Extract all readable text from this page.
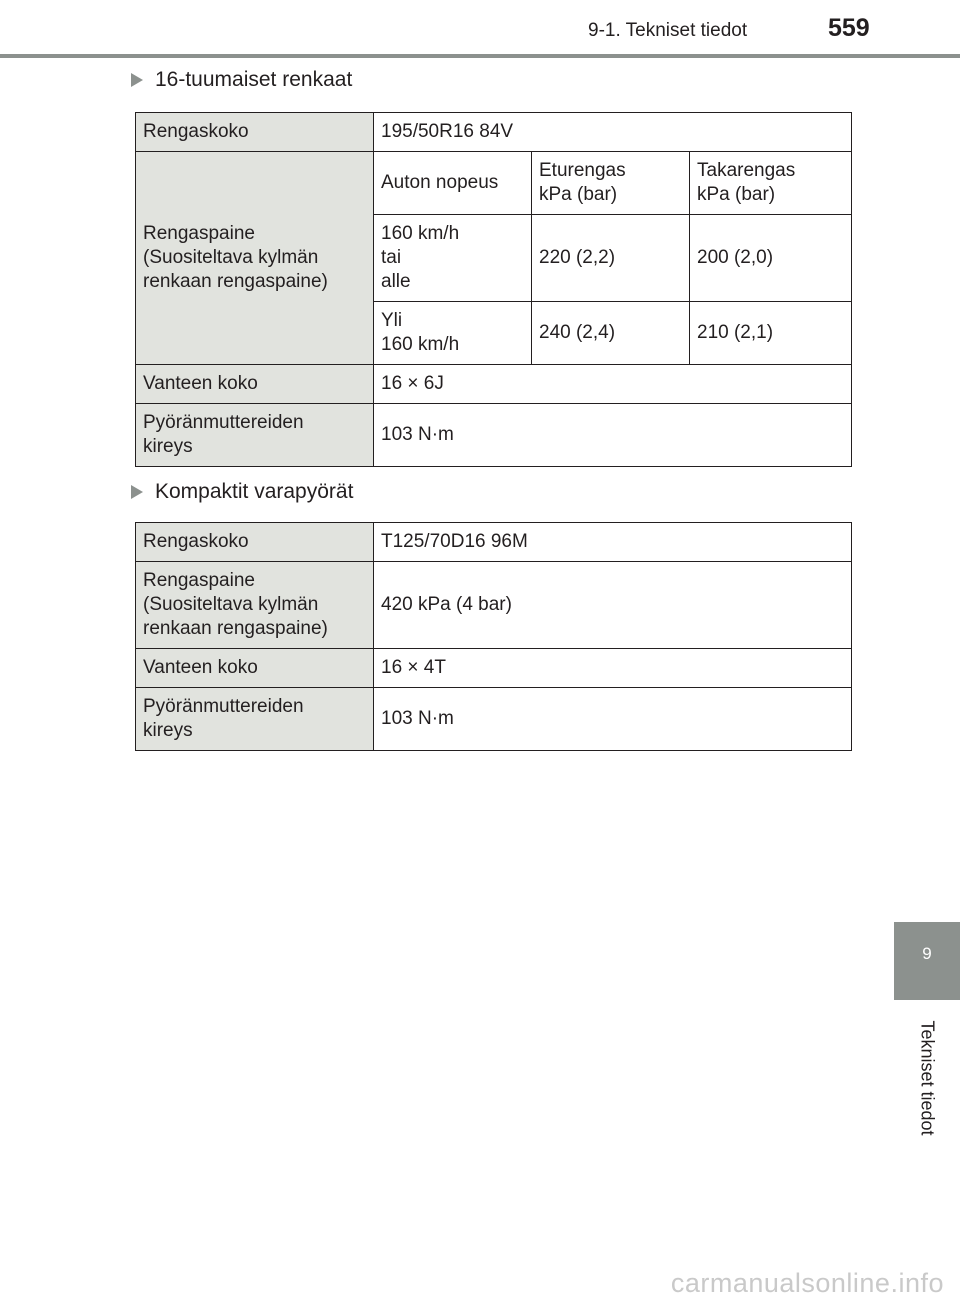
9-1. Tekniset tiedot	559
16-tuumaiset renkaat
Rengaskoko	195/50R16 84V		
Rengaspaine
(Suositeltava kylmän
renkaan rengaspaine)	Auton nopeus	Eturengas
kPa (bar)	Takarengas
kPa (bar)
	160 km/h
tai
alle	220 (2,2)	200 (2,0)
	Yli
160 km/h	240 (2,4)	210 (2,1)
Vanteen koko	16 × 6J		
Pyöränmuttereiden
kireys	103 N·m		
Kompaktit varapyörät
Rengaskoko	T125/70D16 96M
Rengaspaine
(Suositeltava kylmän
renkaan rengaspaine)	420 kPa (4 bar)
Vanteen koko	16 × 4T
Pyöränmuttereiden
kireys	103 N·m
9
Tekniset tiedot
carmanualsonline.info
